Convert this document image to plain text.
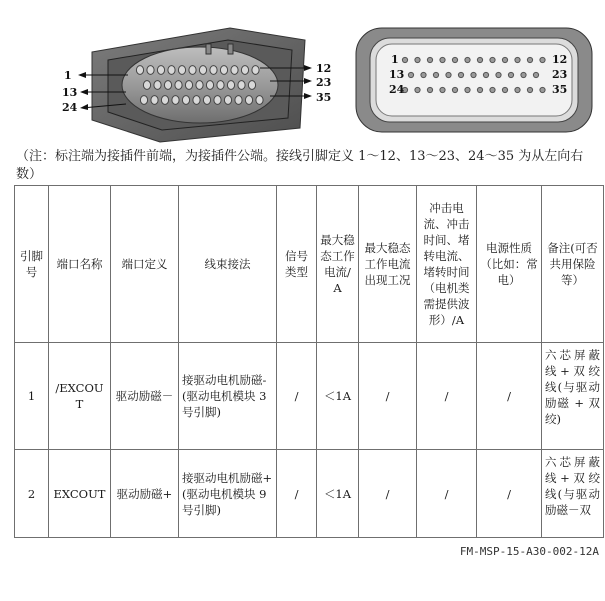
1
13
24
12
23
35
1
13
24
12
23
35
（注：标注端为接插件前端，为接插件公端。接线引脚定义 1～12、13～23、24～35 为从左向右数）
引脚号	端口名称	端口定义	线束接法	信号类型	最大稳态工作电流/A	最大稳态工作电流出现工况	冲击电流、冲击时间、堵转电流、堵转时间（电机类需提供波形）/A	电源性质（比如：常电）	备注(可否共用保险等）
1	/EXCOUT	驱动励磁－	接驱动电机励磁-(驱动电机模块 3 号引脚)	/	＜1A	/	/	/	六芯屏蔽线+双绞线(与驱动励磁 + 双绞)
2	EXCOUT	驱动励磁+	接驱动电机励磁+(驱动电机模块 9 号引脚)	/	＜1A	/	/	/	六芯屏蔽线+双绞线(与驱动励磁－双
FM-MSP-15-A30-002-12A
